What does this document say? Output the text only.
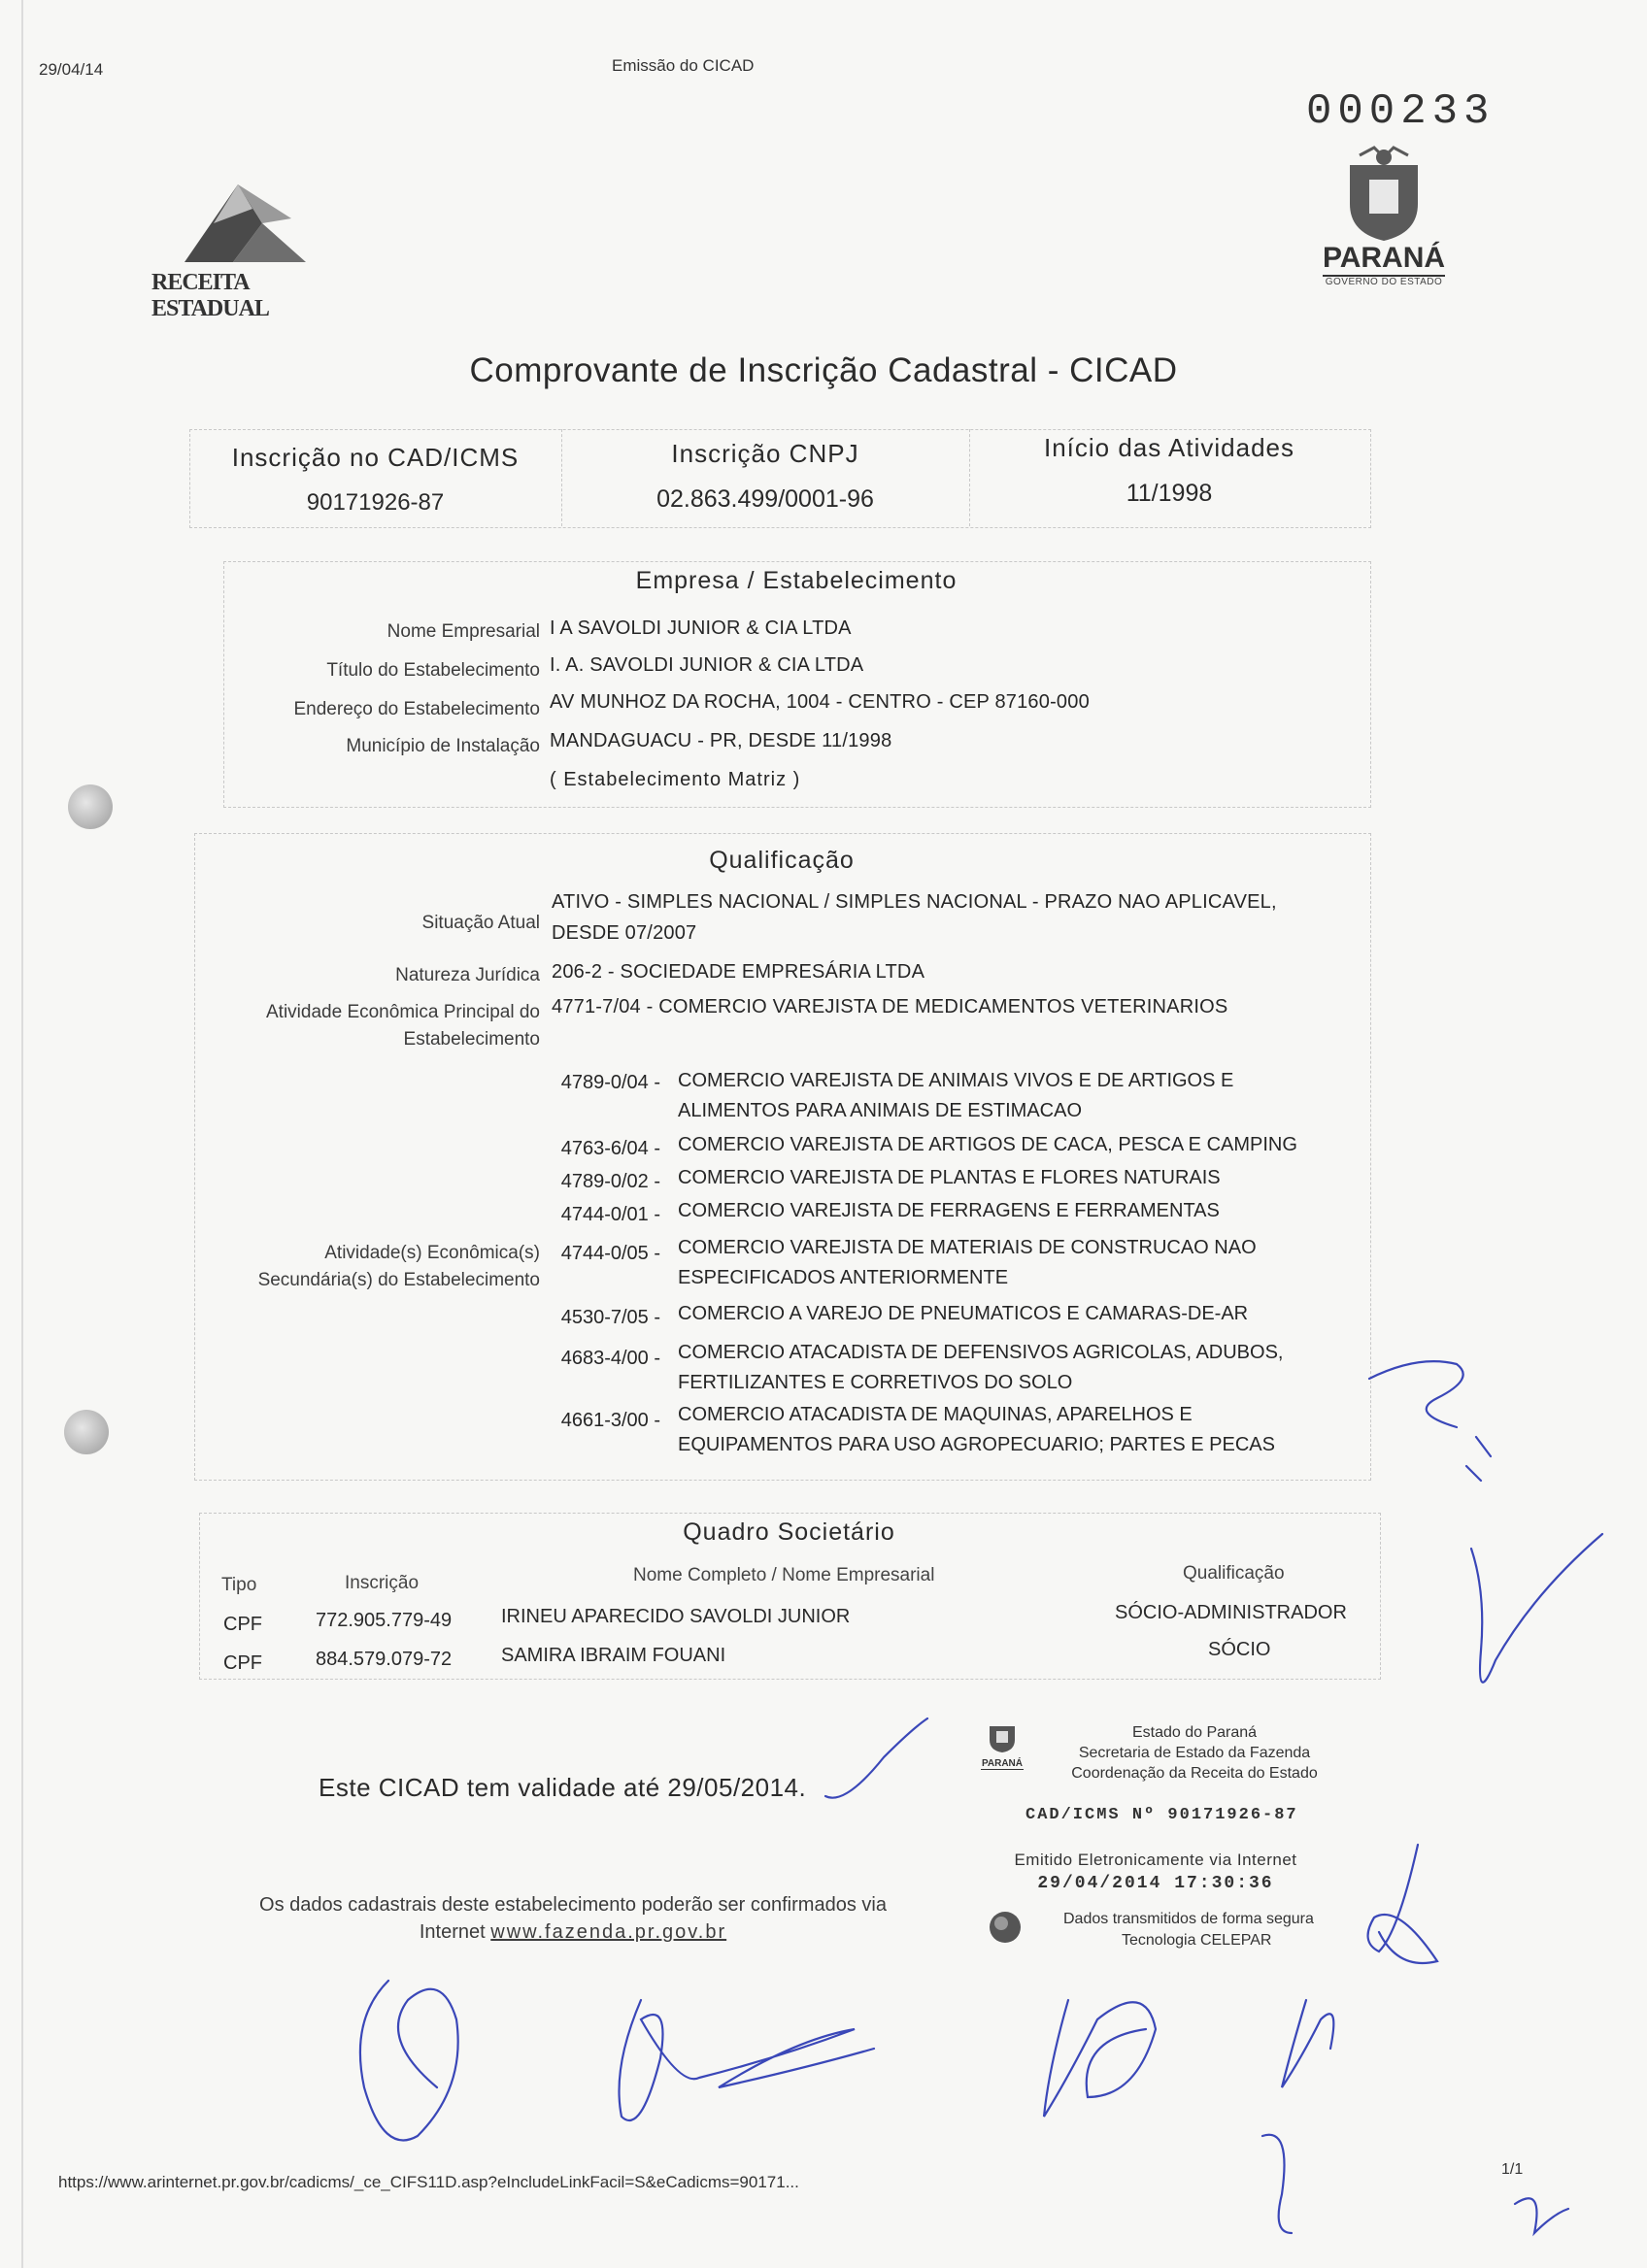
29/04/14	Emissão do CICAD
000233
RECEITA ESTADUAL
PARANÁ
GOVERNO DO ESTADO
Comprovante de Inscrição Cadastral - CICAD
Inscrição no CAD/ICMS
90171926-87
Inscrição CNPJ
02.863.499/0001-96
Início das Atividades
11/1998
Empresa / Estabelecimento
Nome Empresarial I A SAVOLDI JUNIOR & CIA LTDA
Título do Estabelecimento I. A. SAVOLDI JUNIOR & CIA LTDA
Endereço do Estabelecimento AV MUNHOZ DA ROCHA, 1004 - CENTRO - CEP 87160-000
Município de Instalação MANDAGUACU - PR, DESDE 11/1998
( Estabelecimento Matriz )
Qualificação
Situação Atual
ATIVO - SIMPLES NACIONAL / SIMPLES NACIONAL - PRAZO NAO APLICAVEL,
DESDE 07/2007
Natureza Jurídica 206-2 - SOCIEDADE EMPRESÁRIA LTDA
Atividade Econômica Principal do
Estabelecimento
4771-7/04 - COMERCIO VAREJISTA DE MEDICAMENTOS VETERINARIOS
Atividade(s) Econômica(s)
Secundária(s) do Estabelecimento
4789-0/04 - COMERCIO VAREJISTA DE ANIMAIS VIVOS E DE ARTIGOS E
ALIMENTOS PARA ANIMAIS DE ESTIMACAO
4763-6/04 - COMERCIO VAREJISTA DE ARTIGOS DE CACA, PESCA E CAMPING
4789-0/02 - COMERCIO VAREJISTA DE PLANTAS E FLORES NATURAIS
4744-0/01 - COMERCIO VAREJISTA DE FERRAGENS E FERRAMENTAS
4744-0/05 - COMERCIO VAREJISTA DE MATERIAIS DE CONSTRUCAO NAO
ESPECIFICADOS ANTERIORMENTE
4530-7/05 - COMERCIO A VAREJO DE PNEUMATICOS E CAMARAS-DE-AR
4683-4/00 - COMERCIO ATACADISTA DE DEFENSIVOS AGRICOLAS, ADUBOS,
FERTILIZANTES E CORRETIVOS DO SOLO
4661-3/00 - COMERCIO ATACADISTA DE MAQUINAS, APARELHOS E
EQUIPAMENTOS PARA USO AGROPECUARIO; PARTES E PECAS
Quadro Societário
Tipo	Inscrição	Nome Completo / Nome Empresarial	Qualificação
CPF	772.905.779-49	IRINEU APARECIDO SAVOLDI JUNIOR	SÓCIO-ADMINISTRADOR
CPF	884.579.079-72	SAMIRA IBRAIM FOUANI	SÓCIO
Este CICAD tem validade até 29/05/2014.
PARANÁ
Estado do Paraná
Secretaria de Estado da Fazenda
Coordenação da Receita do Estado
CAD/ICMS Nº 90171926-87
Emitido Eletronicamente via Internet
29/04/2014 17:30:36
Dados transmitidos de forma segura
Tecnologia CELEPAR
Os dados cadastrais deste estabelecimento poderão ser confirmados via
Internet www.fazenda.pr.gov.br
https://www.arinternet.pr.gov.br/cadicms/_ce_CIFS11D.asp?eIncludeLinkFacil=S&eCadicms=90171...
1/1
